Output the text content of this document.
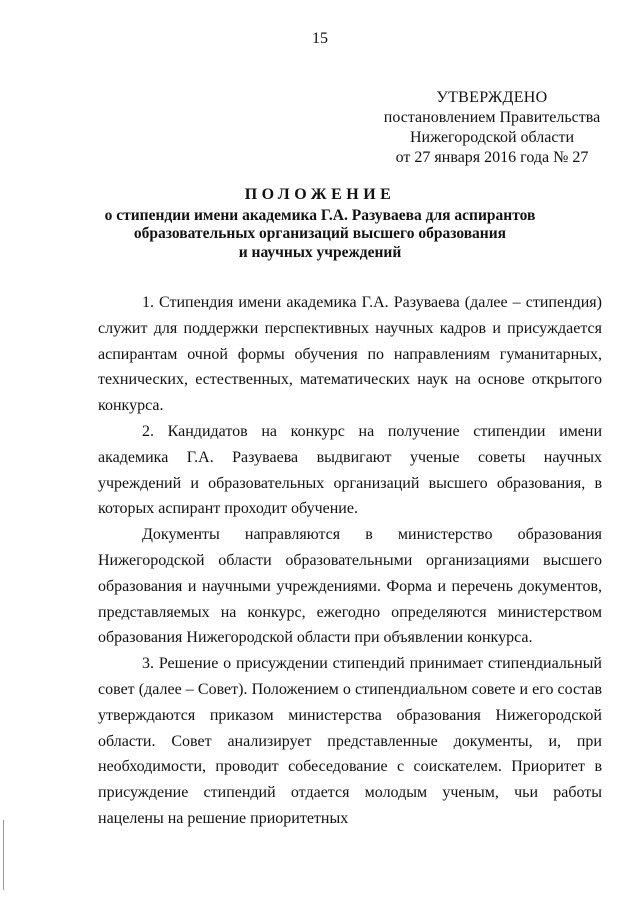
15
УТВЕРЖДЕНО
постановлением Правительства
Нижегородской области
от 27 января 2016 года № 27
ПОЛОЖЕНИЕ
о стипендии имени академика Г.А. Разуваева для аспирантов
образовательных организаций высшего образования
и научных учреждений

1. Стипендия имени академика Г.А. Разуваева (далее – стипендия) служит для поддержки перспективных научных кадров и присуждается аспирантам очной формы обучения по направлениям гуманитарных, технических, естественных, математических наук на основе открытого конкурса.

2. Кандидатов на конкурс на получение стипендии имени академика Г.А. Разуваева выдвигают ученые советы научных учреждений и образовательных организаций высшего образования, в которых аспирант проходит обучение.

Документы направляются в министерство образования Нижегородской области образовательными организациями высшего образования и научными учреждениями. Форма и перечень документов, представляемых на конкурс, ежегодно определяются министерством образования Нижегородской области при объявлении конкурса.

3. Решение о присуждении стипендий принимает стипендиальный совет (далее – Совет). Положением о стипендиальном совете и его состав утверждаются приказом министерства образования Нижегородской области. Совет анализирует представленные документы, и, при необходимости, проводит собеседование с соискателем. Приоритет в присуждение стипендий отдается молодым ученым, чьи работы нацелены на решение приоритетных
